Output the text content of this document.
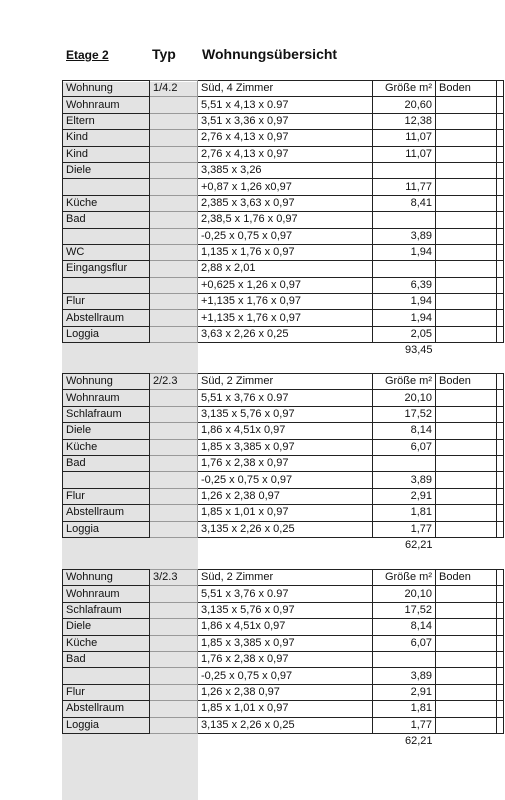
Etage 2	Typ Wohnungsübersicht
Wohnung	1/4.2	Süd, 4 Zimmer	Größe m²	Boden	
Wohnraum		5,51 x 4,13 x 0.97	20,60		
Eltern		3,51 x 3,36 x 0,97	12,38		
Kind		2,76 x 4,13 x 0,97	11,07		
Kind		2,76 x 4,13 x 0,97	11,07		
Diele		3,385 x 3,26			
		+0,87 x 1,26 x0,97	11,77		
Küche		2,385 x 3,63 x 0,97	8,41		
Bad		2,38,5 x 1,76 x 0,97			
		-0,25 x 0,75 x 0,97	3,89		
WC		1,135 x 1,76 x 0,97	1,94		
Eingangsflur		2,88 x 2,01			
		+0,625 x 1,26 x 0,97	6,39		
Flur		+1,135 x 1,76 x 0,97	1,94		
Abstellraum		+1,135 x 1,76 x 0,97	1,94		
Loggia		3,63 x 2,26 x 0,25	2,05		
			93,45		
Wohnung	2/2.3	Süd, 2 Zimmer	Größe m²	Boden	
Wohnraum		5,51 x 3,76 x 0.97	20,10		
Schlafraum		3,135 x 5,76 x 0,97	17,52		
Diele		1,86 x 4,51x 0,97	8,14		
Küche		1,85 x 3,385 x 0,97	6,07		
Bad		1,76 x 2,38 x 0,97			
		-0,25 x 0,75 x 0,97	3,89		
Flur		1,26 x 2,38 0,97	2,91		
Abstellraum		1,85 x 1,01 x 0,97	1,81		
Loggia		3,135 x 2,26 x 0,25	1,77		
			62,21		
Wohnung	3/2.3	Süd, 2 Zimmer	Größe m²	Boden	
Wohnraum		5,51 x 3,76 x 0.97	20,10		
Schlafraum		3,135 x 5,76 x 0,97	17,52		
Diele		1,86 x 4,51x 0,97	8,14		
Küche		1,85 x 3,385 x 0,97	6,07		
Bad		1,76 x 2,38 x 0,97			
		-0,25 x 0,75 x 0,97	3,89		
Flur		1,26 x 2,38 0,97	2,91		
Abstellraum		1,85 x 1,01 x 0,97	1,81		
Loggia		3,135 x 2,26 x 0,25	1,77		
			62,21		
